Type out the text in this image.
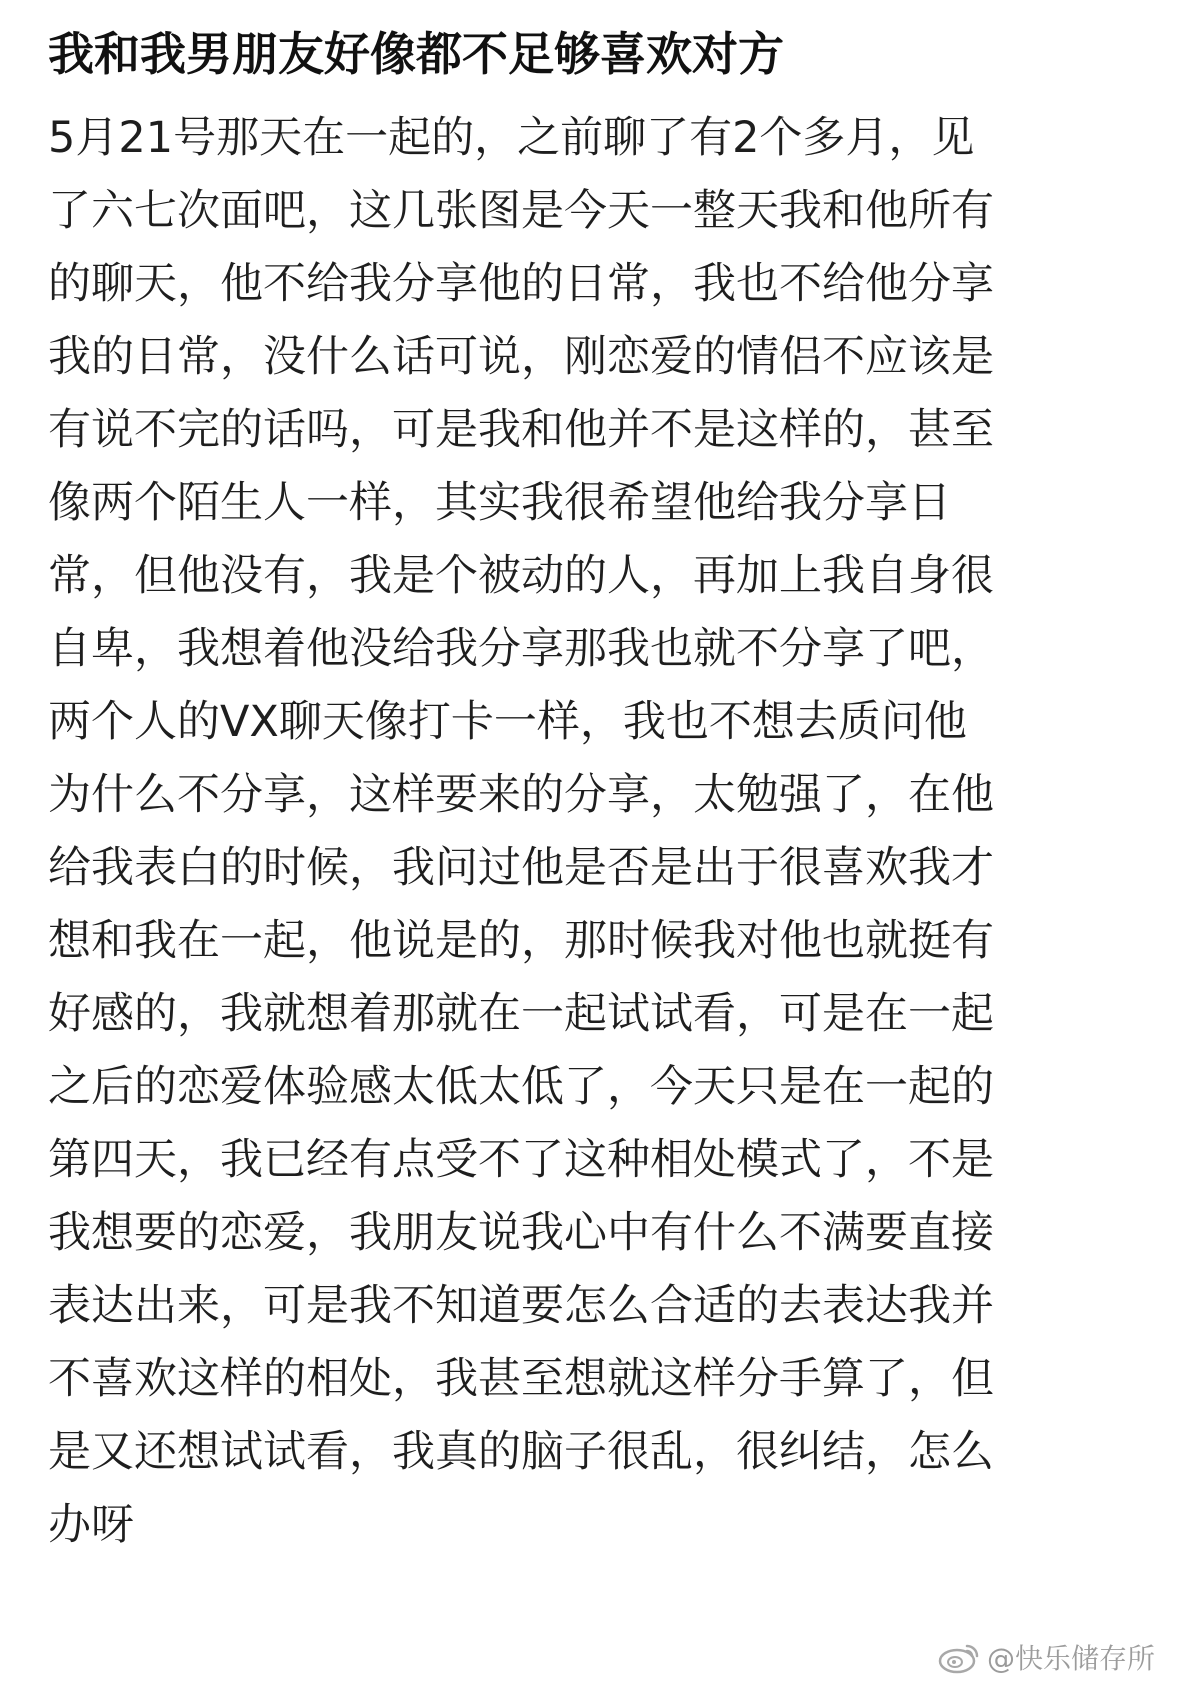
我和我男朋友好像都不足够喜欢对方
5月21号那天在一起的，之前聊了有2个多月，见
了六七次面吧，这几张图是今天一整天我和他所有
的聊天，他不给我分享他的日常，我也不给他分享
我的日常，没什么话可说，刚恋爱的情侣不应该是
有说不完的话吗，可是我和他并不是这样的，甚至
像两个陌生人一样，其实我很希望他给我分享日
常，但他没有，我是个被动的人，再加上我自身很
自卑，我想着他没给我分享那我也就不分享了吧，
两个人的VX聊天像打卡一样，我也不想去质问他
为什么不分享，这样要来的分享，太勉强了，在他
给我表白的时候，我问过他是否是出于很喜欢我才
想和我在一起，他说是的，那时候我对他也就挺有
好感的，我就想着那就在一起试试看，可是在一起
之后的恋爱体验感太低太低了，今天只是在一起的
第四天，我已经有点受不了这种相处模式了，不是
我想要的恋爱，我朋友说我心中有什么不满要直接
表达出来，可是我不知道要怎么合适的去表达我并
不喜欢这样的相处，我甚至想就这样分手算了，但
是又还想试试看，我真的脑子很乱，很纠结，怎么
办呀
@快乐储存所
